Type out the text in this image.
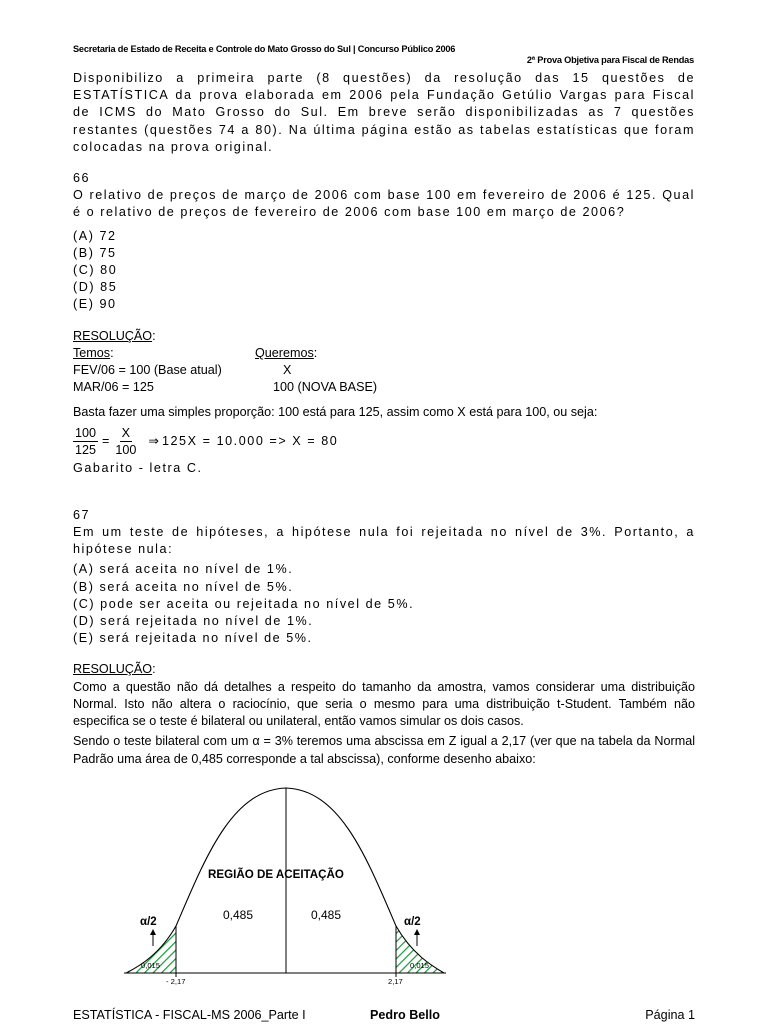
Secretaria de Estado de Receita e Controle do Mato Grosso do Sul | Concurso Público 2006
2ª Prova Objetiva para Fiscal de Rendas

Disponibilizo a primeira parte (8 questões) da resolução das 15 questões de ESTATÍSTICA da prova elaborada em 2006 pela Fundação Getúlio Vargas para Fiscal de ICMS do Mato Grosso do Sul. Em breve serão disponibilizadas as 7 questões restantes (questões 74 a 80). Na última página estão as tabelas estatísticas que foram colocadas na prova original.

66

O relativo de preços de março de 2006 com base 100 em fevereiro de 2006 é 125. Qual é o relativo de preços de fevereiro de 2006 com base 100 em março de 2006?

(A) 72

(B) 75

(C) 80

(D) 85

(E) 90

RESOLUÇÃO:

Temos:	Queremos:
FEV/06 = 100 (Base atual)	X
MAR/06 = 125	100 (NOVA BASE)

Basta fazer uma simples proporção: 100 está para 125, assim como X está para 100, ou seja:

$\frac{100}{125} = \frac{X}{100}$ ⇒ 125X = 10.000 => X = 80

Gabarito - letra C.

67

Em um teste de hipóteses, a hipótese nula foi rejeitada no nível de 3%. Portanto, a hipótese nula:

(A) será aceita no nível de 1%.

(B) será aceita no nível de 5%.

(C) pode ser aceita ou rejeitada no nível de 5%.

(D) será rejeitada no nível de 1%.

(E) será rejeitada no nível de 5%.

RESOLUÇÃO:

Como a questão não dá detalhes a respeito do tamanho da amostra, vamos considerar uma distribuição Normal. Isto não altera o raciocínio, que seria o mesmo para uma distribuição t-Student. Também não especifica se o teste é bilateral ou unilateral, então vamos simular os dois casos.

Sendo o teste bilateral com um α = 3% teremos uma abscissa em Z igual a 2,17 (ver que na tabela da Normal Padrão uma área de 0,485 corresponde a tal abscissa), conforme desenho abaixo:

REGIÃO DE ACEITAÇÃO
0,485	0,485
α/2	α/2
0,015	0,015
- 2,17	2,17
ESTATÍSTICA - FISCAL-MS 2006_Parte I	Pedro Bello	Página 1
